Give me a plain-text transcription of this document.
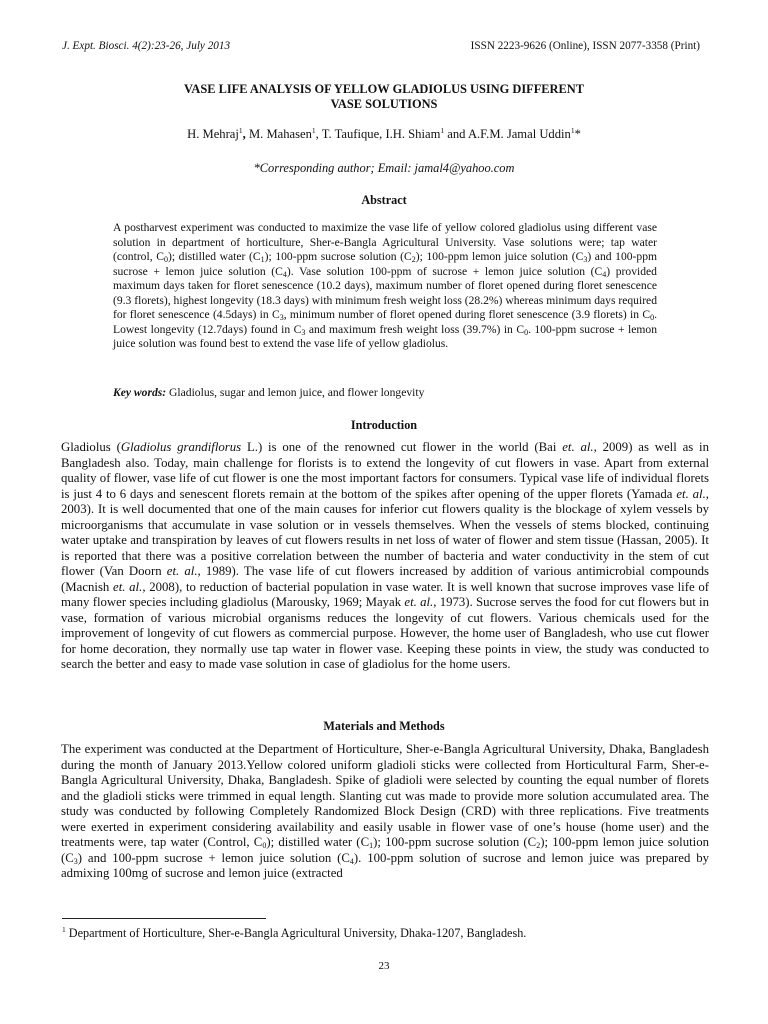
J. Expt. Biosci. 4(2):23-26, July 2013	ISSN 2223-9626 (Online), ISSN 2077-3358 (Print)
VASE LIFE ANALYSIS OF YELLOW GLADIOLUS USING DIFFERENT
VASE SOLUTIONS
H. Mehraj$^1$, M. Mahasen$^1$, T. Taufique, I.H. Shiam$^1$ and A.F.M. Jamal Uddin$^1$*
*Corresponding author; Email: jamal4@yahoo.com
Abstract
A postharvest experiment was conducted to maximize the vase life of yellow colored gladiolus using different vase solution in department of horticulture, Sher-e-Bangla Agricultural University. Vase solutions were; tap water (control, $C_0$); distilled water $(C_1)$; 100-ppm sucrose solution $(C_2)$; 100-ppm lemon juice solution $(C_3)$ and 100-ppm sucrose + lemon juice solution $(C_4)$. Vase solution 100-ppm of sucrose + lemon juice solution $(C_4)$ provided maximum days taken for floret senescence (10.2 days), maximum number of floret opened during floret senescence (9.3 florets), highest longevity (18.3 days) with minimum fresh weight loss (28.2%) whereas minimum days required for floret senescence (4.5days) in $C_3$, minimum number of floret opened during floret senescence (3.9 florets) in $C_0$. Lowest longevity (12.7days) found in $C_3$ and maximum fresh weight loss (39.7%) in $C_0$. 100-ppm sucrose + lemon juice solution was found best to extend the vase life of yellow gladiolus.
Key words: Gladiolus, sugar and lemon juice, and flower longevity
Introduction
Gladiolus (Gladiolus grandiflorus L.) is one of the renowned cut flower in the world (Bai et. al., 2009) as well as in Bangladesh also. Today, main challenge for florists is to extend the longevity of cut flowers in vase. Apart from external quality of flower, vase life of cut flower is one the most important factors for consumers. Typical vase life of individual florets is just 4 to 6 days and senescent florets remain at the bottom of the spikes after opening of the upper florets (Yamada et. al., 2003). It is well documented that one of the main causes for inferior cut flowers quality is the blockage of xylem vessels by microorganisms that accumulate in vase solution or in vessels themselves. When the vessels of stems blocked, continuing water uptake and transpiration by leaves of cut flowers results in net loss of water of flower and stem tissue (Hassan, 2005). It is reported that there was a positive correlation between the number of bacteria and water conductivity in the stem of cut flower (Van Doorn et. al., 1989). The vase life of cut flowers increased by addition of various antimicrobial compounds (Macnish et. al., 2008), to reduction of bacterial population in vase water. It is well known that sucrose improves vase life of many flower species including gladiolus (Marousky, 1969; Mayak et. al., 1973). Sucrose serves the food for cut flowers but in vase, formation of various microbial organisms reduces the longevity of cut flowers. Various chemicals used for the improvement of longevity of cut flowers as commercial purpose. However, the home user of Bangladesh, who use cut flower for home decoration, they normally use tap water in flower vase. Keeping these points in view, the study was conducted to search the better and easy to made vase solution in case of gladiolus for the home users.
Materials and Methods
The experiment was conducted at the Department of Horticulture, Sher-e-Bangla Agricultural University, Dhaka, Bangladesh during the month of January 2013.Yellow colored uniform gladioli sticks were collected from Horticultural Farm, Sher-e-Bangla Agricultural University, Dhaka, Bangladesh. Spike of gladioli were selected by counting the equal number of florets and the gladioli sticks were trimmed in equal length. Slanting cut was made to provide more solution accumulated area. The study was conducted by following Completely Randomized Block Design (CRD) with three replications. Five treatments were exerted in experiment considering availability and easily usable in flower vase of one’s house (home user) and the treatments were, tap water (Control, $C_0$); distilled water $(C_1)$; 100-ppm sucrose solution $(C_2)$; 100-ppm lemon juice solution $(C_3)$ and 100-ppm sucrose + lemon juice solution $(C_4)$. 100-ppm solution of sucrose and lemon juice was prepared by admixing 100mg of sucrose and lemon juice (extracted
$^1$ Department of Horticulture, Sher-e-Bangla Agricultural University, Dhaka-1207, Bangladesh.
23
